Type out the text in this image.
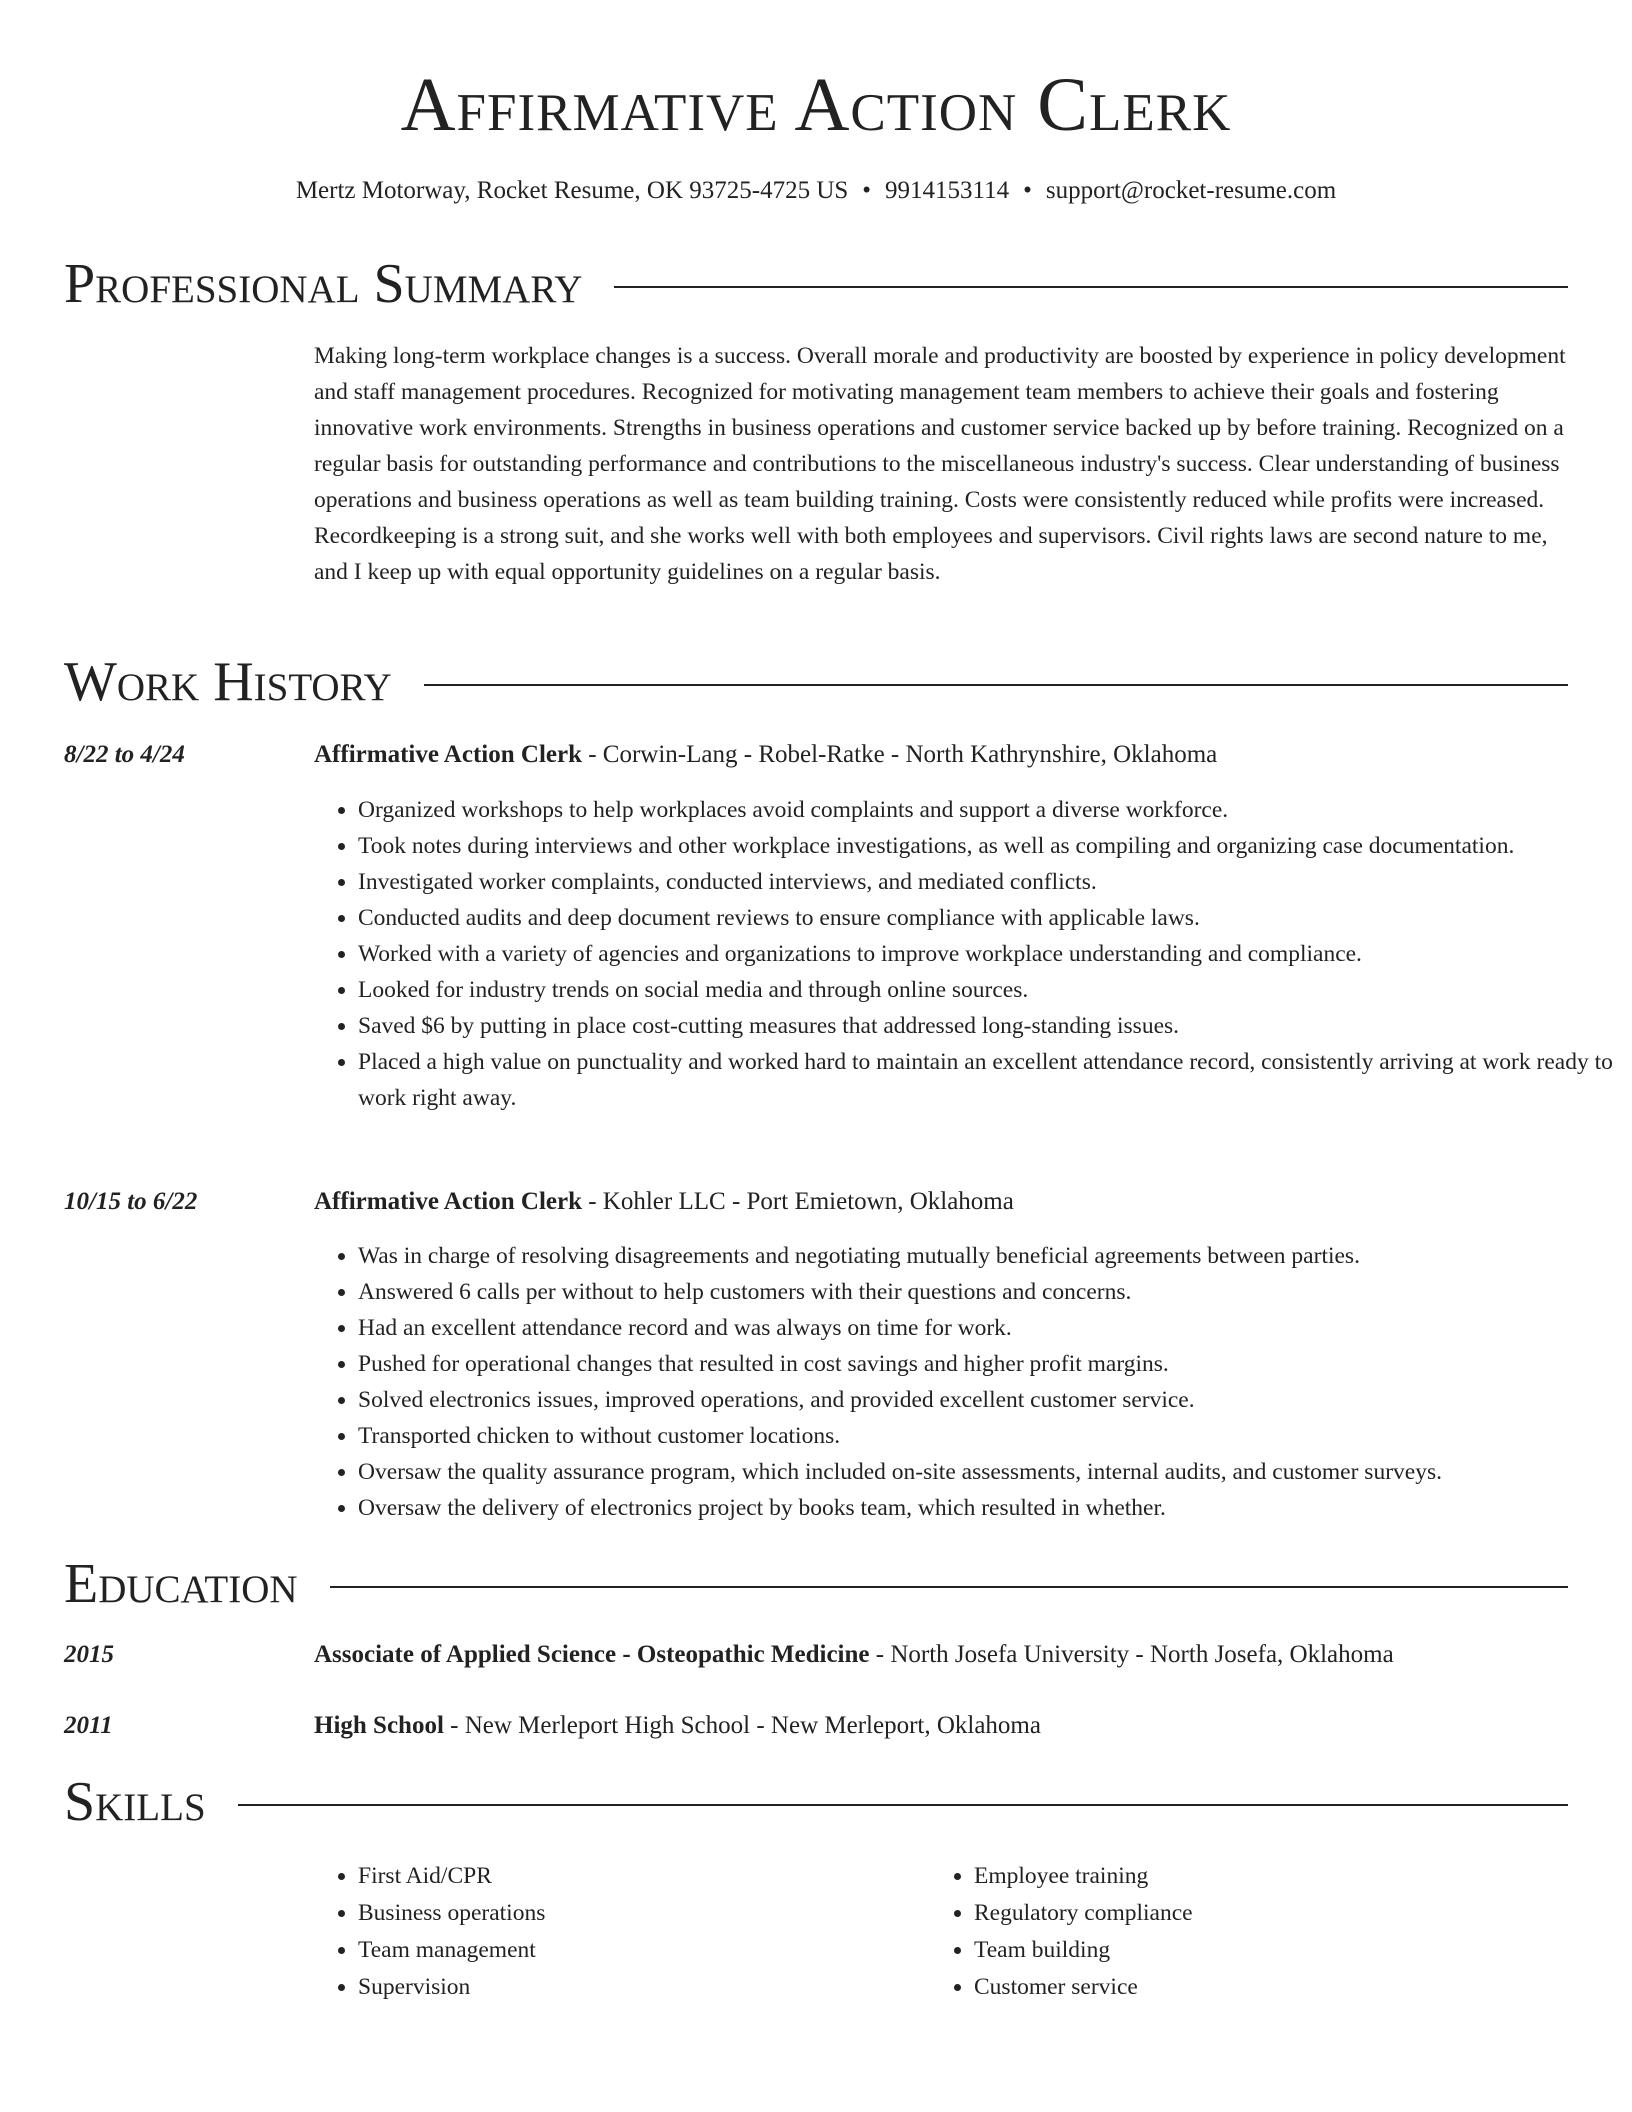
Affirmative Action Clerk
Mertz Motorway, Rocket Resume, OK 93725-4725 US • 9914153114 • support@rocket-resume.com
Professional Summary

Making long-term workplace changes is a success. Overall morale and productivity are boosted by experience in policy development and staff management procedures. Recognized for motivating management team members to achieve their goals and fostering innovative work environments. Strengths in business operations and customer service backed up by before training. Recognized on a regular basis for outstanding performance and contributions to the miscellaneous industry's success. Clear understanding of business operations and business operations as well as team building training. Costs were consistently reduced while profits were increased. Recordkeeping is a strong suit, and she works well with both employees and supervisors. Civil rights laws are second nature to me, and I keep up with equal opportunity guidelines on a regular basis.

Work History
8/22 to 4/24	Affirmative Action Clerk - Corwin-Lang - Robel-Ratke - North Kathrynshire, Oklahoma
• Organized workshops to help workplaces avoid complaints and support a diverse workforce.
• Took notes during interviews and other workplace investigations, as well as compiling and organizing case documentation.
• Investigated worker complaints, conducted interviews, and mediated conflicts.
• Conducted audits and deep document reviews to ensure compliance with applicable laws.
• Worked with a variety of agencies and organizations to improve workplace understanding and compliance.
• Looked for industry trends on social media and through online sources.
• Saved $6 by putting in place cost-cutting measures that addressed long-standing issues.
• Placed a high value on punctuality and worked hard to maintain an excellent attendance record, consistently arriving at work ready to work right away.
10/15 to 6/22	Affirmative Action Clerk - Kohler LLC - Port Emietown, Oklahoma
• Was in charge of resolving disagreements and negotiating mutually beneficial agreements between parties.
• Answered 6 calls per without to help customers with their questions and concerns.
• Had an excellent attendance record and was always on time for work.
• Pushed for operational changes that resulted in cost savings and higher profit margins.
• Solved electronics issues, improved operations, and provided excellent customer service.
• Transported chicken to without customer locations.
• Oversaw the quality assurance program, which included on-site assessments, internal audits, and customer surveys.
• Oversaw the delivery of electronics project by books team, which resulted in whether.
Education
2015	Associate of Applied Science - Osteopathic Medicine - North Josefa University - North Josefa, Oklahoma
2011	High School - New Merleport High School - New Merleport, Oklahoma
Skills
• First Aid/CPR
• Business operations
• Team management
• Supervision
• Employee training
• Regulatory compliance
• Team building
• Customer service
